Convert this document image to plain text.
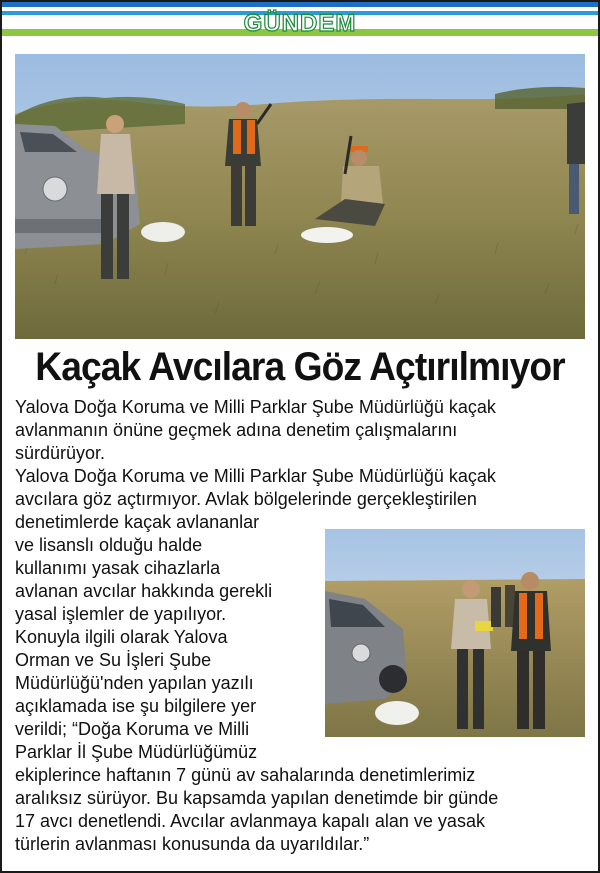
GÜNDEM
Kaçak Avcılara Göz Açtırılmıyor
Yalova Doğa Koruma ve Milli Parklar Şube Müdürlüğü kaçak
avlanmanın önüne geçmek adına denetim çalışmalarını
sürdürüyor.
Yalova Doğa Koruma ve Milli Parklar Şube Müdürlüğü kaçak
avcılara göz açtırmıyor. Avlak bölgelerinde gerçekleştirilen
denetimlerde kaçak avlananlar
ve lisanslı olduğu halde
kullanımı yasak cihazlarla
avlanan avcılar hakkında gerekli
yasal işlemler de yapılıyor.
Konuyla ilgili olarak Yalova
Orman ve Su İşleri Şube
Müdürlüğü'nden yapılan yazılı
açıklamada ise şu bilgilere yer
verildi; “Doğa Koruma ve Milli
Parklar İl Şube Müdürlüğümüz
ekiplerince haftanın 7 günü av sahalarında denetimlerimiz
aralıksız sürüyor. Bu kapsamda yapılan denetimde bir günde
17 avcı denetlendi. Avcılar avlanmaya kapalı alan ve yasak
türlerin avlanması konusunda da uyarıldılar.”
